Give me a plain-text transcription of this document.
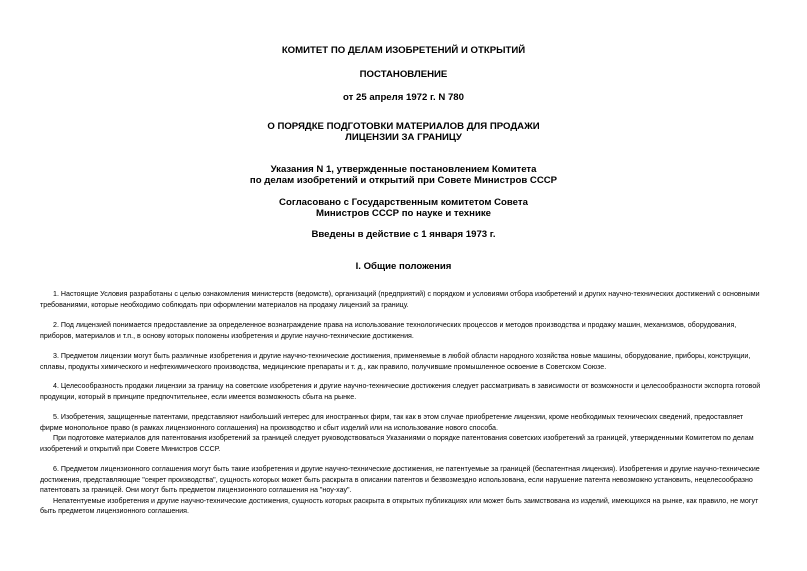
КОМИТЕТ ПО ДЕЛАМ ИЗОБРЕТЕНИЙ И ОТКРЫТИЙ
ПОСТАНОВЛЕНИЕ
от 25 апреля 1972 г. N 780
О ПОРЯДКЕ ПОДГОТОВКИ МАТЕРИАЛОВ ДЛЯ ПРОДАЖИ
ЛИЦЕНЗИИ ЗА ГРАНИЦУ
Указания N 1, утвержденные постановлением Комитета
по делам изобретений и открытий при Совете Министров СССР
Согласовано с Государственным комитетом Совета
Министров СССР по науке и технике
Введены в действие с 1 января 1973 г.
I. Общие положения
1. Настоящие Условия разработаны с целью ознакомления министерств (ведомств), организаций (предприятий) с порядком и условиями отбора изобретений и других научно-технических достижений с основными
требованиями, которые необходимо соблюдать при оформлении материалов на продажу лицензий за границу.
2. Под лицензией понимается предоставление за определенное вознаграждение права на использование технологических процессов и методов производства и продажу машин, механизмов, оборудования,
приборов, материалов и т.п., в основу которых положены изобретения и другие научно-технические достижения.
3. Предметом лицензии могут быть различные изобретения и другие научно-технические достижения, применяемые в любой области народного хозяйства новые машины, оборудование, приборы, конструкции,
сплавы, продукты химического и нефтехимического производства, медицинские препараты и т. д., как правило, получившие промышленное освоение в Советском Союзе.
4. Целесообразность продажи лицензии за границу на советские изобретения и другие научно-технические достижения следует рассматривать в зависимости от возможности и целесообразности экспорта готовой
продукции, который в принципе предпочтительнее, если имеется возможность сбыта на рынке.
5. Изобретения, защищенные патентами, представляют наибольший интерес для иностранных фирм, так как в этом случае приобретение лицензии, кроме необходимых технических сведений, предоставляет
фирме монопольное право (в рамках лицензионного соглашения) на производство и сбыт изделий или на использование нового способа.
При подготовке материалов для патентования изобретений за границей следует руководствоваться Указаниями о порядке патентования советских изобретений за границей, утвержденными Комитетом по делам
изобретений и открытий при Совете Министров СССР.
6. Предметом лицензионного соглашения могут быть такие изобретения и другие научно-технические достижения, не патентуемые за границей (беспатентная лицензия). Изобретения и другие научно-технические
достижения, представляющие "секрет производства", сущность которых может быть раскрыта в описании патентов и безвозмездно использована, если нарушение патента невозможно установить, нецелесообразно
патентовать за границей. Они могут быть предметом лицензионного соглашения на "ноу-хау".
Непатентуемые изобретения и другие научно-технические достижения, сущность которых раскрыта в открытых публикациях или может быть заимствована из изделий, имеющихся на рынке, как правило, не могут
быть предметом лицензионного соглашения.
